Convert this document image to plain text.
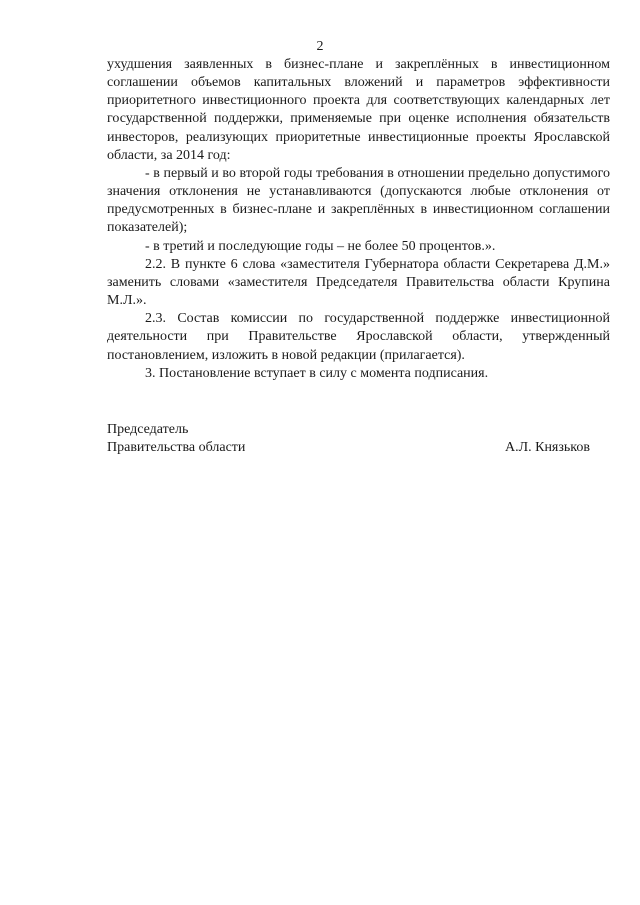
2

ухудшения заявленных в бизнес-плане и закреплённых в инвестиционном соглашении объемов капитальных вложений и параметров эффективности приоритетного инвестиционного проекта для соответствующих календарных лет государственной поддержки, применяемые при оценке исполнения обязательств инвесторов, реализующих приоритетные инвестиционные проекты Ярославской области, за 2014 год:

- в первый и во второй годы требования в отношении предельно допустимого значения отклонения не устанавливаются (допускаются любые отклонения от предусмотренных в бизнес-плане и закреплённых в инвестиционном соглашении показателей);

- в третий и последующие годы – не более 50 процентов.».

2.2. В пункте 6 слова «заместителя Губернатора области Секретарева Д.М.» заменить словами «заместителя Председателя Правительства области Крупина М.Л.».

2.3. Состав комиссии по государственной поддержке инвестиционной деятельности при Правительстве Ярославской области, утвержденный постановлением, изложить в новой редакции (прилагается).

3. Постановление вступает в силу с момента подписания.

Председатель
Правительства области	А.Л. Князьков
